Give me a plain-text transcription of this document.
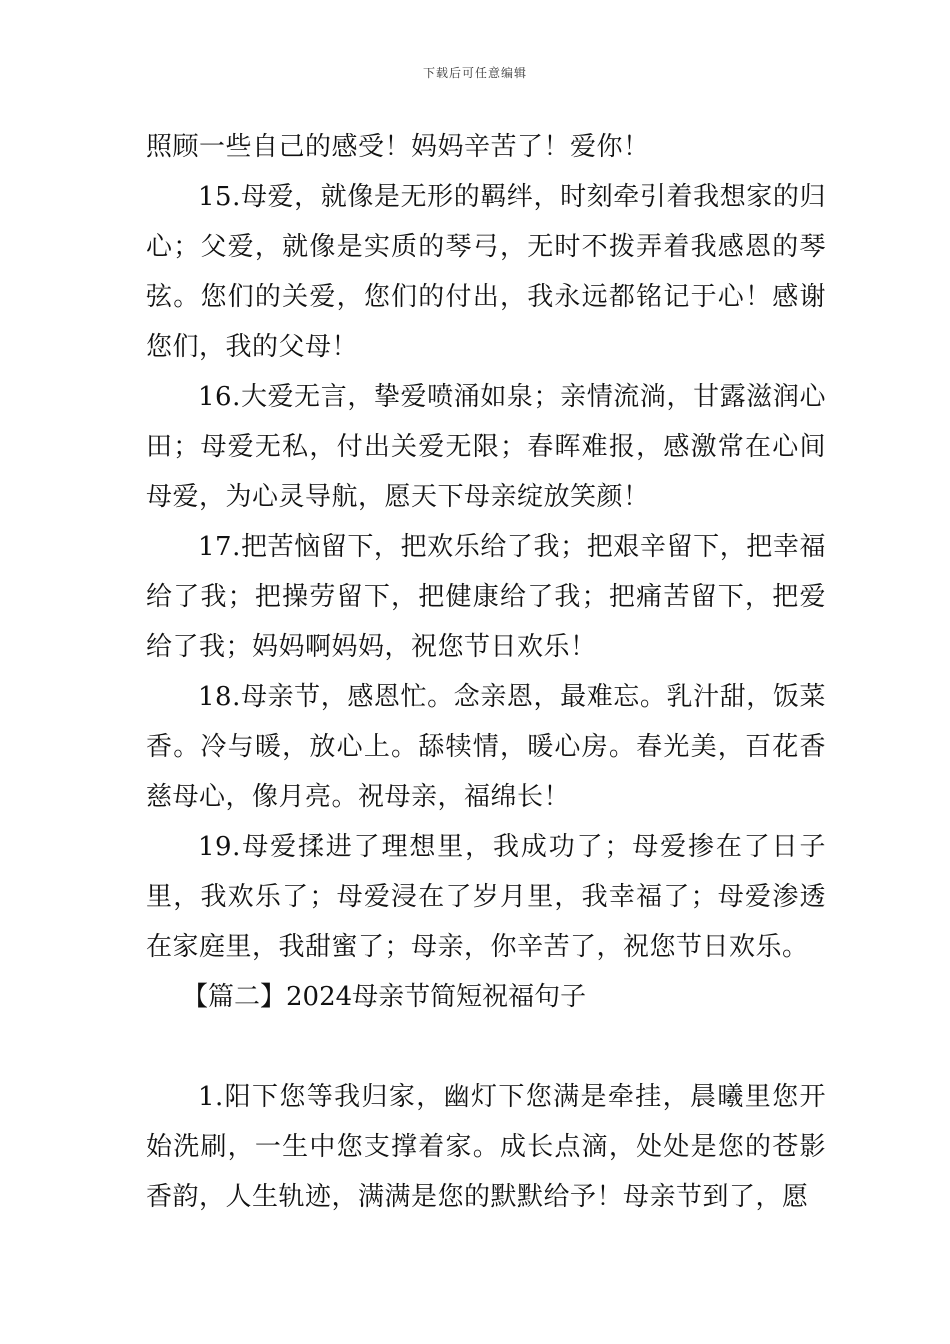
下载后可任意编辑

照顾一些自己的感受！妈妈辛苦了！爱你！

15.母爱，就像是无形的羁绊，时刻牵引着我想家的归心；父爱，就像是实质的琴弓，无时不拨弄着我感恩的琴弦。您们的关爱，您们的付出，我永远都铭记于心！感谢您们，我的父母！

16.大爱无言，挚爱喷涌如泉；亲情流淌，甘露滋润心田；母爱无私，付出关爱无限；春晖难报，感激常在心间母爱，为心灵导航，愿天下母亲绽放笑颜！

17.把苦恼留下，把欢乐给了我；把艰辛留下，把幸福给了我；把操劳留下，把健康给了我；把痛苦留下，把爱给了我；妈妈啊妈妈，祝您节日欢乐！

18.母亲节，感恩忙。念亲恩，最难忘。乳汁甜，饭菜香。冷与暖，放心上。舔犊情，暖心房。春光美，百花香慈母心，像月亮。祝母亲，福绵长！

19.母爱揉进了理想里，我成功了；母爱掺在了日子里，我欢乐了；母爱浸在了岁月里，我幸福了；母爱渗透在家庭里，我甜蜜了；母亲，你辛苦了，祝您节日欢乐。

【篇二】2024母亲节简短祝福句子

1.阳下您等我归家，幽灯下您满是牵挂，晨曦里您开始洗刷，一生中您支撑着家。成长点滴，处处是您的苍影香韵，人生轨迹，满满是您的默默给予！母亲节到了，愿
